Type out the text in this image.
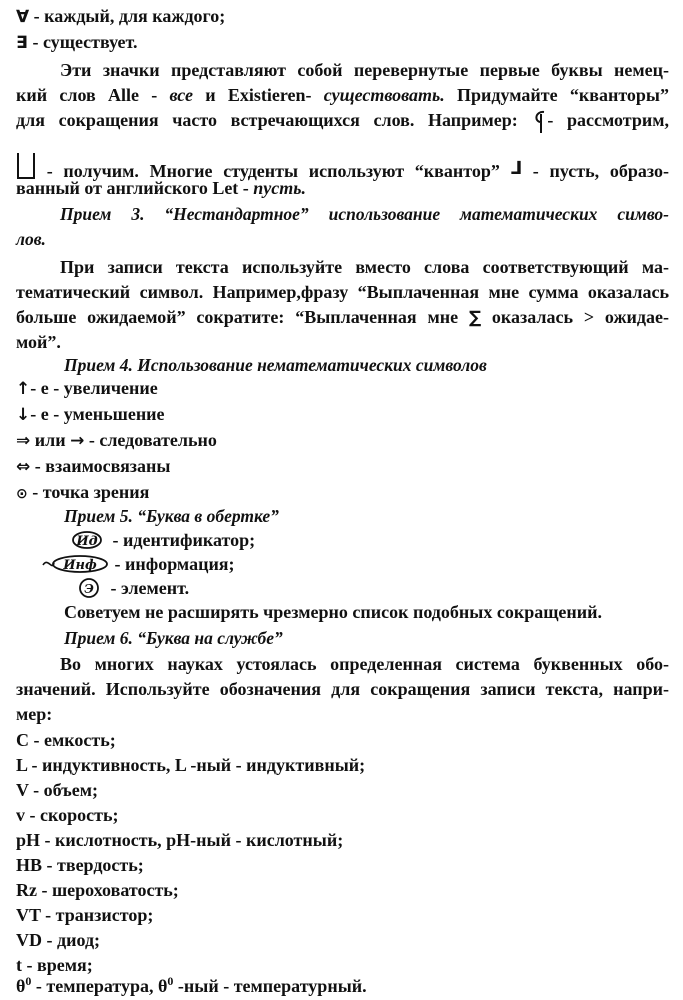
∀ - каждый, для каждого;
∃ - существует.
Эти значки представляют собой перевернутые первые буквы немец-
кий слов Alle - все и Existieren- существовать. Придумайте “кванторы”
для сокращения часто встречающихся слов. Например: - рассмотрим,
- получим. Многие студенты используют “квантор” ⅃ - пусть, образо-
ванный от английского Let - пусть.
Прием 3. “Нестандартное” использование математических симво-
лов.
При записи текста используйте вместо слова соответствующий ма-
тематический символ. Например,фразу “Выплаченная мне сумма оказалась
больше ожидаемой” сократите: “Выплаченная мне ∑ оказалась > ожидае-
мой”.
Прием 4. Использование нематематических символов
↑- е - увеличение
↓- е - уменьшение
⇒ или → - следовательно
⇔ - взаимосвязаны
⊙ - точка зрения
Прием 5. “Буква в обертке”
Ид - идентификатор;
Инф - информация;
Э - элемент.
Советуем не расширять чрезмерно список подобных сокращений.
Прием 6. “Буква на службе”
Во многих науках устоялась определенная система буквенных обо-
значений. Используйте обозначения для сокращения записи текста, напри-
мер:
C - емкость;
L - индуктивность, L -ный - индуктивный;
V - объем;
v - скорость;
pH - кислотность, pH-ный - кислотный;
HB - твердость;
Rz - шероховатость;
VT - транзистор;
VD - диод;
t - время;
$\theta^0$ - температура, $\theta^0$ -ный - температурный.
